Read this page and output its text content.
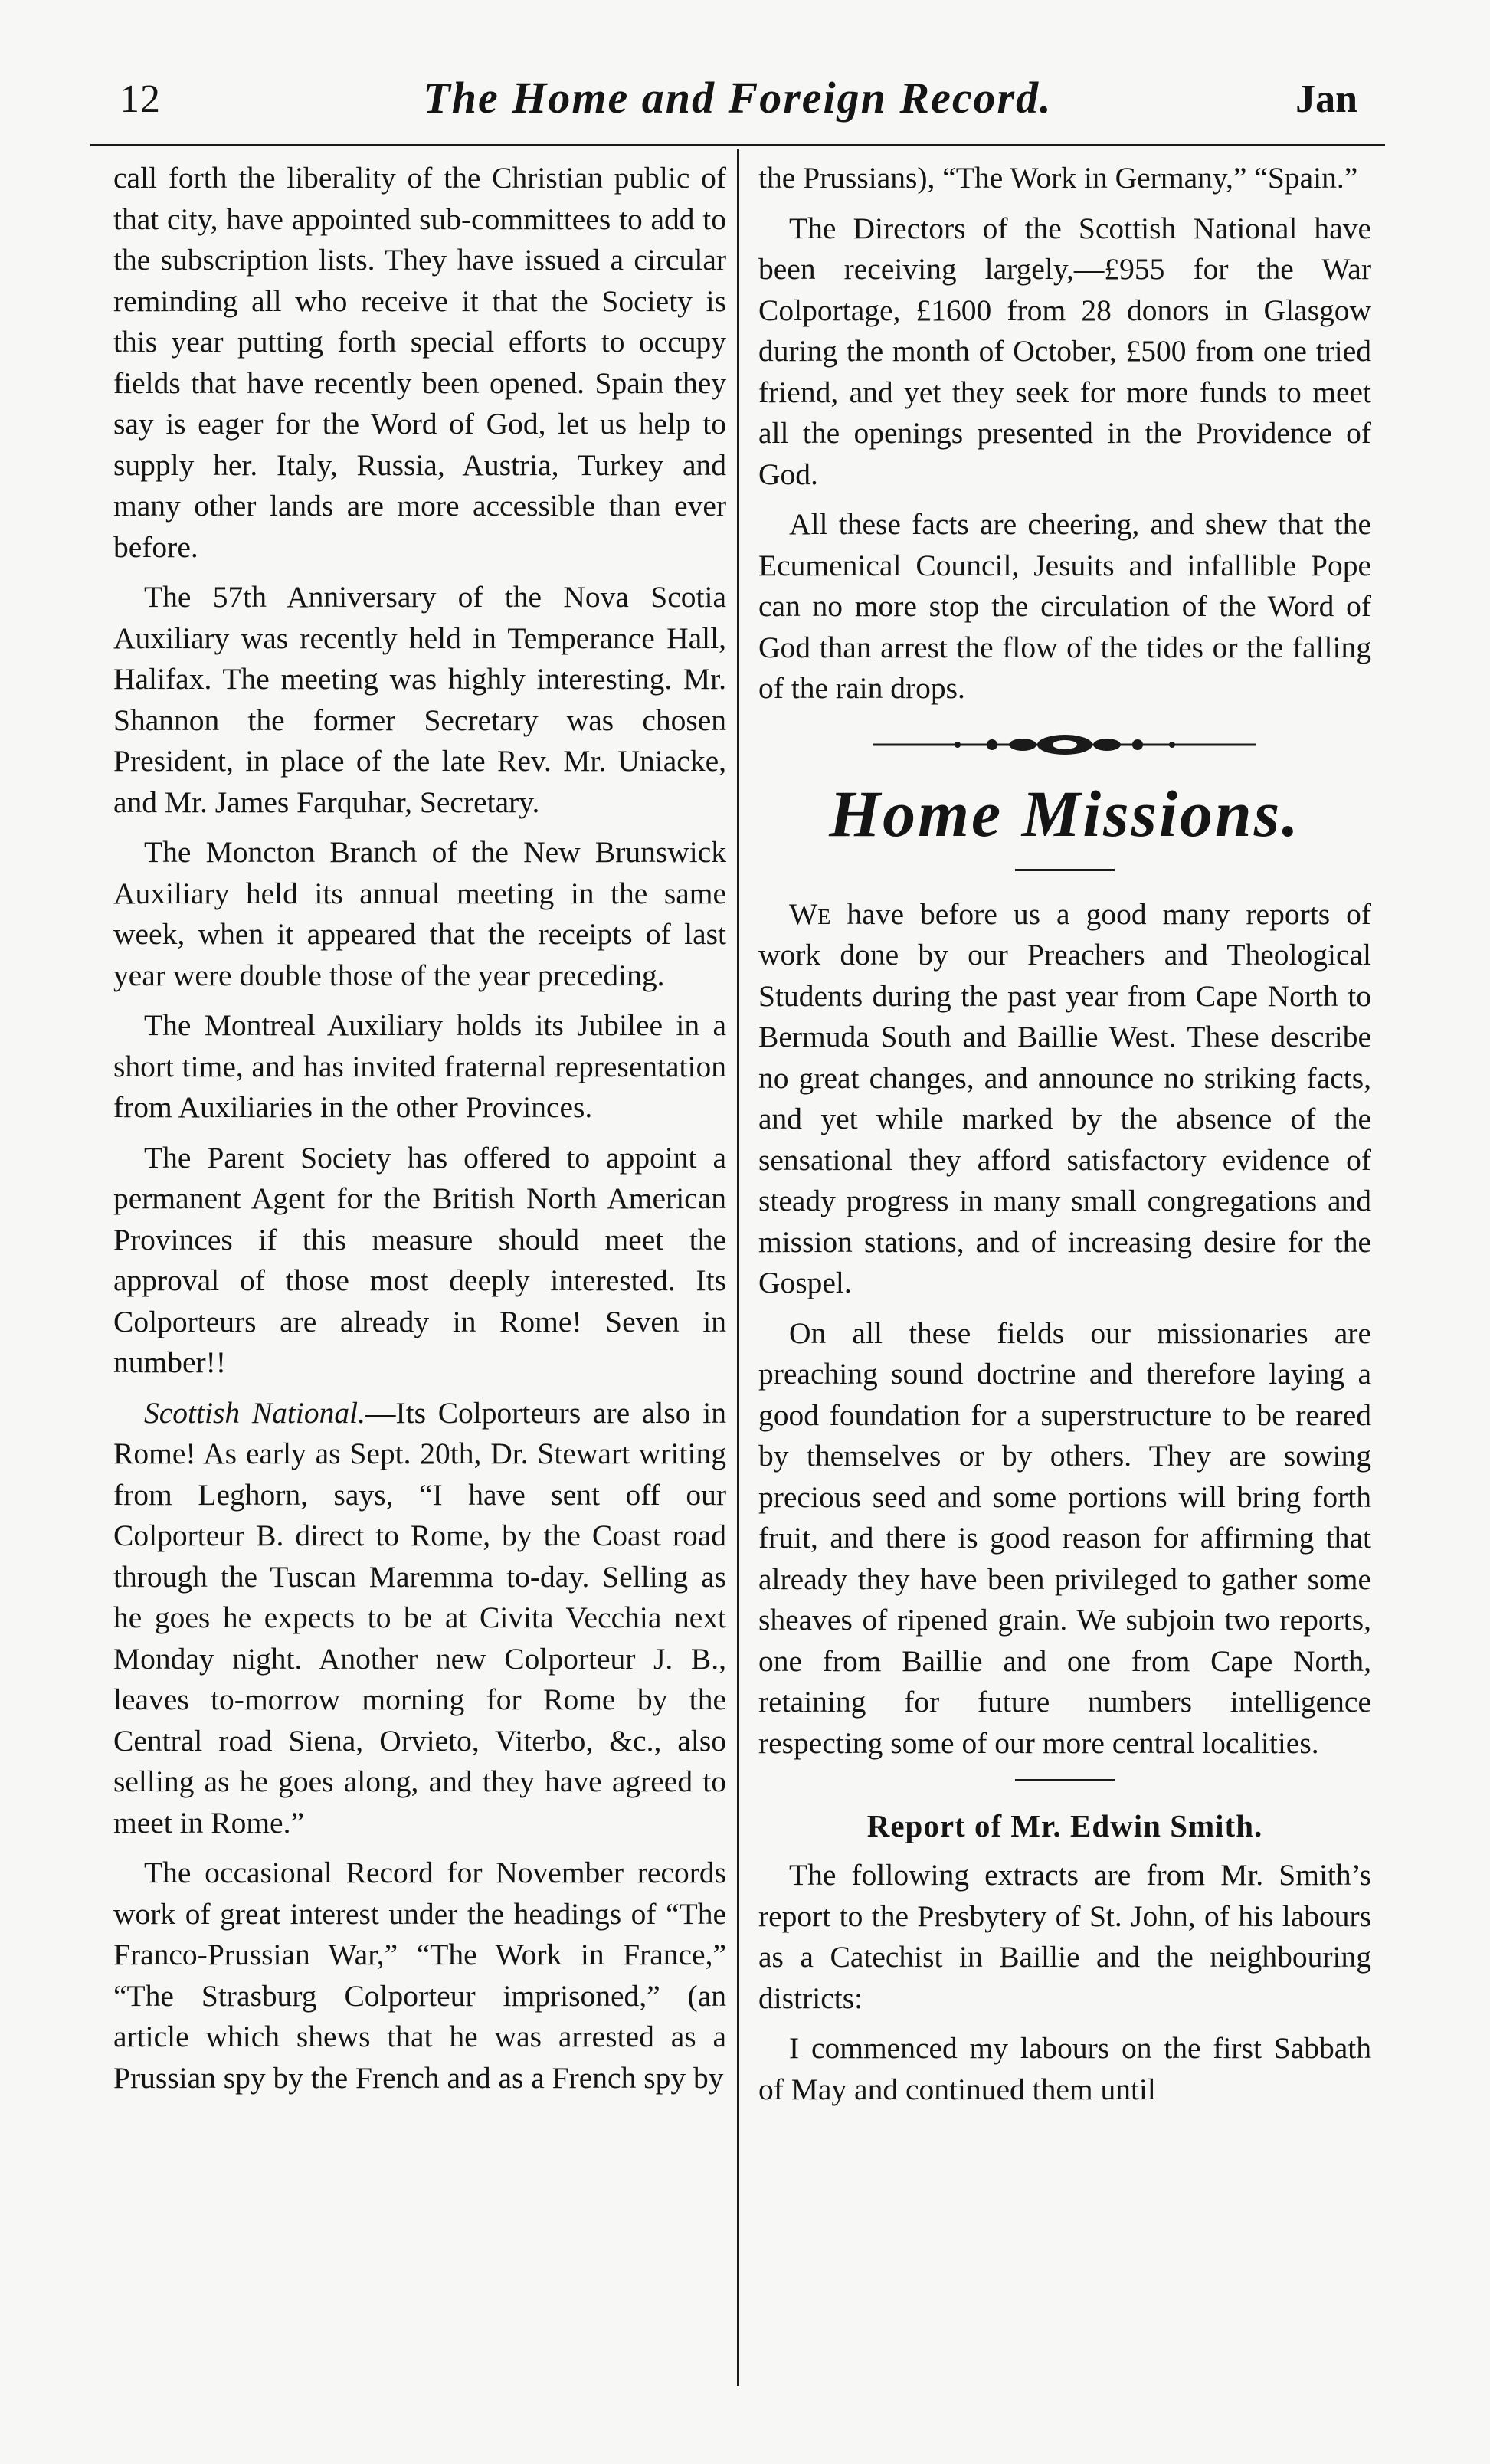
12	The Home and Foreign Record.	Jan

call forth the liberality of the Christian public of that city, have appointed sub-committees to add to the subscription lists. They have issued a circular reminding all who receive it that the Society is this year putting forth special efforts to occupy fields that have recently been opened. Spain they say is eager for the Word of God, let us help to supply her. Italy, Russia, Austria, Turkey and many other lands are more accessible than ever before.

The 57th Anniversary of the Nova Scotia Auxiliary was recently held in Temperance Hall, Halifax. The meeting was highly interesting. Mr. Shannon the former Secretary was chosen President, in place of the late Rev. Mr. Uniacke, and Mr. James Farquhar, Secretary.

The Moncton Branch of the New Brunswick Auxiliary held its annual meeting in the same week, when it appeared that the receipts of last year were double those of the year preceding.

The Montreal Auxiliary holds its Jubilee in a short time, and has invited fraternal representation from Auxiliaries in the other Provinces.

The Parent Society has offered to appoint a permanent Agent for the British North American Provinces if this measure should meet the approval of those most deeply interested. Its Colporteurs are already in Rome! Seven in number!!

Scottish National.—Its Colporteurs are also in Rome! As early as Sept. 20th, Dr. Stewart writing from Leghorn, says, “I have sent off our Colporteur B. direct to Rome, by the Coast road through the Tuscan Maremma to-day. Selling as he goes he expects to be at Civita Vecchia next Monday night. Another new Colporteur J. B., leaves to-morrow morning for Rome by the Central road Siena, Orvieto, Viterbo, &c., also selling as he goes along, and they have agreed to meet in Rome.”

The occasional Record for November records work of great interest under the headings of “The Franco-Prussian War,” “The Work in France,” “The Strasburg Colporteur imprisoned,” (an article which shews that he was arrested as a Prussian spy by the French and as a French spy by

the Prussians), “The Work in Germany,” “Spain.”

The Directors of the Scottish National have been receiving largely,—£955 for the War Colportage, £1600 from 28 donors in Glasgow during the month of October, £500 from one tried friend, and yet they seek for more funds to meet all the openings presented in the Providence of God.

All these facts are cheering, and shew that the Ecumenical Council, Jesuits and infallible Pope can no more stop the circulation of the Word of God than arrest the flow of the tides or the falling of the rain drops.

Home Missions.

We have before us a good many reports of work done by our Preachers and Theological Students during the past year from Cape North to Bermuda South and Baillie West. These describe no great changes, and announce no striking facts, and yet while marked by the absence of the sensational they afford satisfactory evidence of steady progress in many small congregations and mission stations, and of increasing desire for the Gospel.

On all these fields our missionaries are preaching sound doctrine and therefore laying a good foundation for a superstructure to be reared by themselves or by others. They are sowing precious seed and some portions will bring forth fruit, and there is good reason for affirming that already they have been privileged to gather some sheaves of ripened grain. We subjoin two reports, one from Baillie and one from Cape North, retaining for future numbers intelligence respecting some of our more central localities.

Report of Mr. Edwin Smith.

The following extracts are from Mr. Smith’s report to the Presbytery of St. John, of his labours as a Catechist in Baillie and the neighbouring districts:

I commenced my labours on the first Sabbath of May and continued them until
